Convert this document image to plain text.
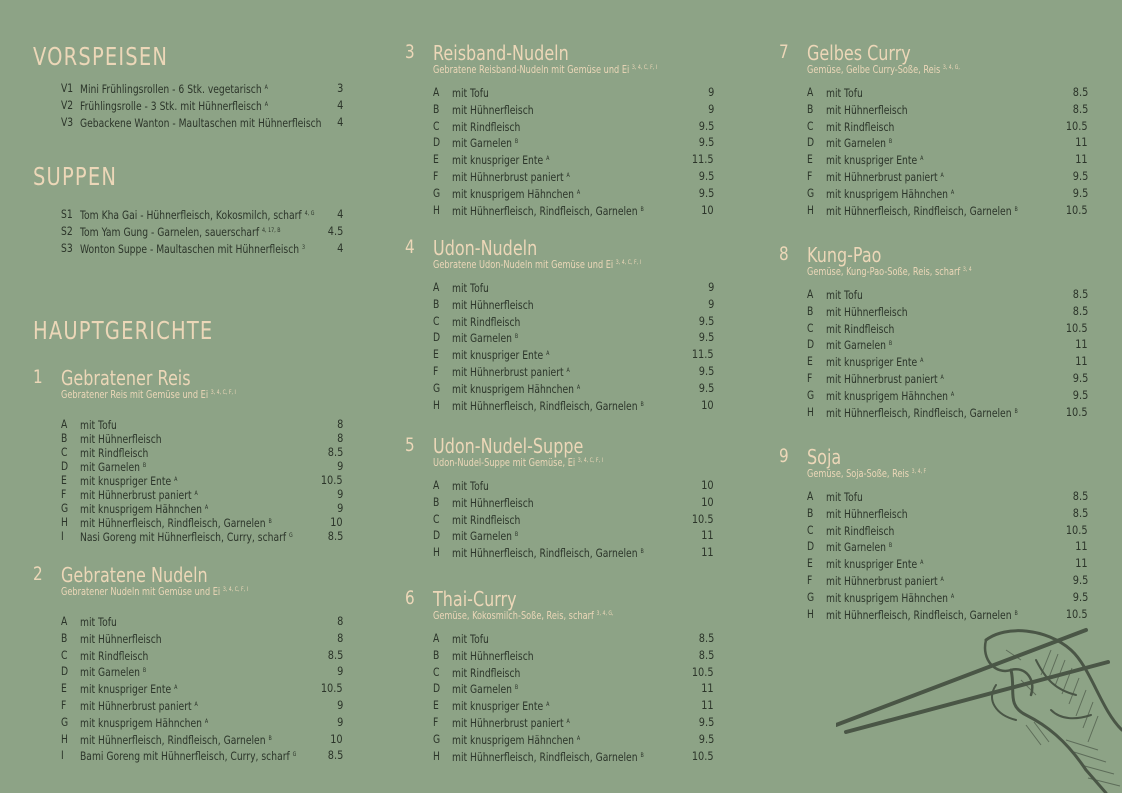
VORSPEISEN
V1 Mini Frühlingsrollen - 6 Stk. vegetarisch $^A$	3
V2 Frühlingsrolle - 3 Stk. mit Hühnerfleisch $^A$	4
V3 Gebackene Wanton - Maultaschen mit Hühnerfleisch 4
SUPPEN
S1 Tom Kha Gai - Hühnerfleisch, Kokosmilch, scharf $^{4, G}$ 4
S2 Tom Yam Gung - Garnelen, sauerscharf $^{4, 17, B}$	4.5
S3 Wonton Suppe - Maultaschen mit Hühnerfleisch $^3$	4
HAUPTGERICHTE
1 Gebratener Reis
Gebratener Reis mit Gemüse und Ei $^{3, 4, C, F, I}$
A mit Tofu	8
B mit Hühnerfleisch	8
C mit Rindfleisch	8.5
D mit Garnelen $^B$	9
E mit knuspriger Ente $^A$	10.5
F mit Hühnerbrust paniert $^A$	9
G mit knusprigem Hähnchen $^A$	9
H mit Hühnerfleisch, Rindfleisch, Garnelen $^B$	10
I Nasi Goreng mit Hühnerfleisch, Curry, scharf $^G$	8.5
2 Gebratene Nudeln
Gebratener Nudeln mit Gemüse und Ei $^{3, 4, C, F, I}$
A mit Tofu	8
B mit Hühnerfleisch	8
C mit Rindfleisch	8.5
D mit Garnelen $^B$	9
E mit knuspriger Ente $^A$	10.5
F mit Hühnerbrust paniert $^A$	9
G mit knusprigem Hähnchen $^A$	9
H mit Hühnerfleisch, Rindfleisch, Garnelen $^B$	10
I Bami Goreng mit Hühnerfleisch, Curry, scharf $^G$	8.5
3 Reisband-Nudeln
Gebratene Reisband-Nudeln mit Gemüse und Ei $^{3, 4, C, F, I}$
A mit Tofu	9
B mit Hühnerfleisch	9
C mit Rindfleisch	9.5
D mit Garnelen $^B$	9.5
E mit knuspriger Ente $^A$	11.5
F mit Hühnerbrust paniert $^A$	9.5
G mit knusprigem Hähnchen $^A$	9.5
H mit Hühnerfleisch, Rindfleisch, Garnelen $^B$	10
4 Udon-Nudeln
Gebratene Udon-Nudeln mit Gemüse und Ei $^{3, 4, C, F, I}$
A mit Tofu	9
B mit Hühnerfleisch	9
C mit Rindfleisch	9.5
D mit Garnelen $^B$	9.5
E mit knuspriger Ente $^A$	11.5
F mit Hühnerbrust paniert $^A$	9.5
G mit knusprigem Hähnchen $^A$	9.5
H mit Hühnerfleisch, Rindfleisch, Garnelen $^B$	10
5 Udon-Nudel-Suppe
Udon-Nudel-Suppe mit Gemüse, Ei $^{3, 4, C, F, I}$
A mit Tofu	10
B mit Hühnerfleisch	10
C mit Rindfleisch	10.5
D mit Garnelen $^B$	11
H mit Hühnerfleisch, Rindfleisch, Garnelen $^B$	11
6 Thai-Curry
Gemüse, Kokosmilch-Soße, Reis, scharf $^{3, 4, G,}$
A mit Tofu	8.5
B mit Hühnerfleisch	8.5
C mit Rindfleisch	10.5
D mit Garnelen $^B$	11
E mit knuspriger Ente $^A$	11
F mit Hühnerbrust paniert $^A$	9.5
G mit knusprigem Hähnchen $^A$	9.5
H mit Hühnerfleisch, Rindfleisch, Garnelen $^B$	10.5
7 Gelbes Curry
Gemüse, Gelbe Curry-Soße, Reis $^{3, 4, G,}$
A mit Tofu	8.5
B mit Hühnerfleisch	8.5
C mit Rindfleisch	10.5
D mit Garnelen $^B$	11
E mit knuspriger Ente $^A$	11
F mit Hühnerbrust paniert $^A$	9.5
G mit knusprigem Hähnchen $^A$	9.5
H mit Hühnerfleisch, Rindfleisch, Garnelen $^B$	10.5
8 Kung-Pao
Gemüse, Kung-Pao-Soße, Reis, scharf $^{3, 4}$
A mit Tofu	8.5
B mit Hühnerfleisch	8.5
C mit Rindfleisch	10.5
D mit Garnelen $^B$	11
E mit knuspriger Ente $^A$	11
F mit Hühnerbrust paniert $^A$	9.5
G mit knusprigem Hähnchen $^A$	9.5
H mit Hühnerfleisch, Rindfleisch, Garnelen $^B$	10.5
9 Soja
Gemüse, Soja-Soße, Reis $^{3, 4, F}$
A mit Tofu	8.5
B mit Hühnerfleisch	8.5
C mit Rindfleisch	10.5
D mit Garnelen $^B$	11
E mit knuspriger Ente $^A$	11
F mit Hühnerbrust paniert $^A$	9.5
G mit knusprigem Hähnchen $^A$	9.5
H mit Hühnerfleisch, Rindfleisch, Garnelen $^B$	10.5
